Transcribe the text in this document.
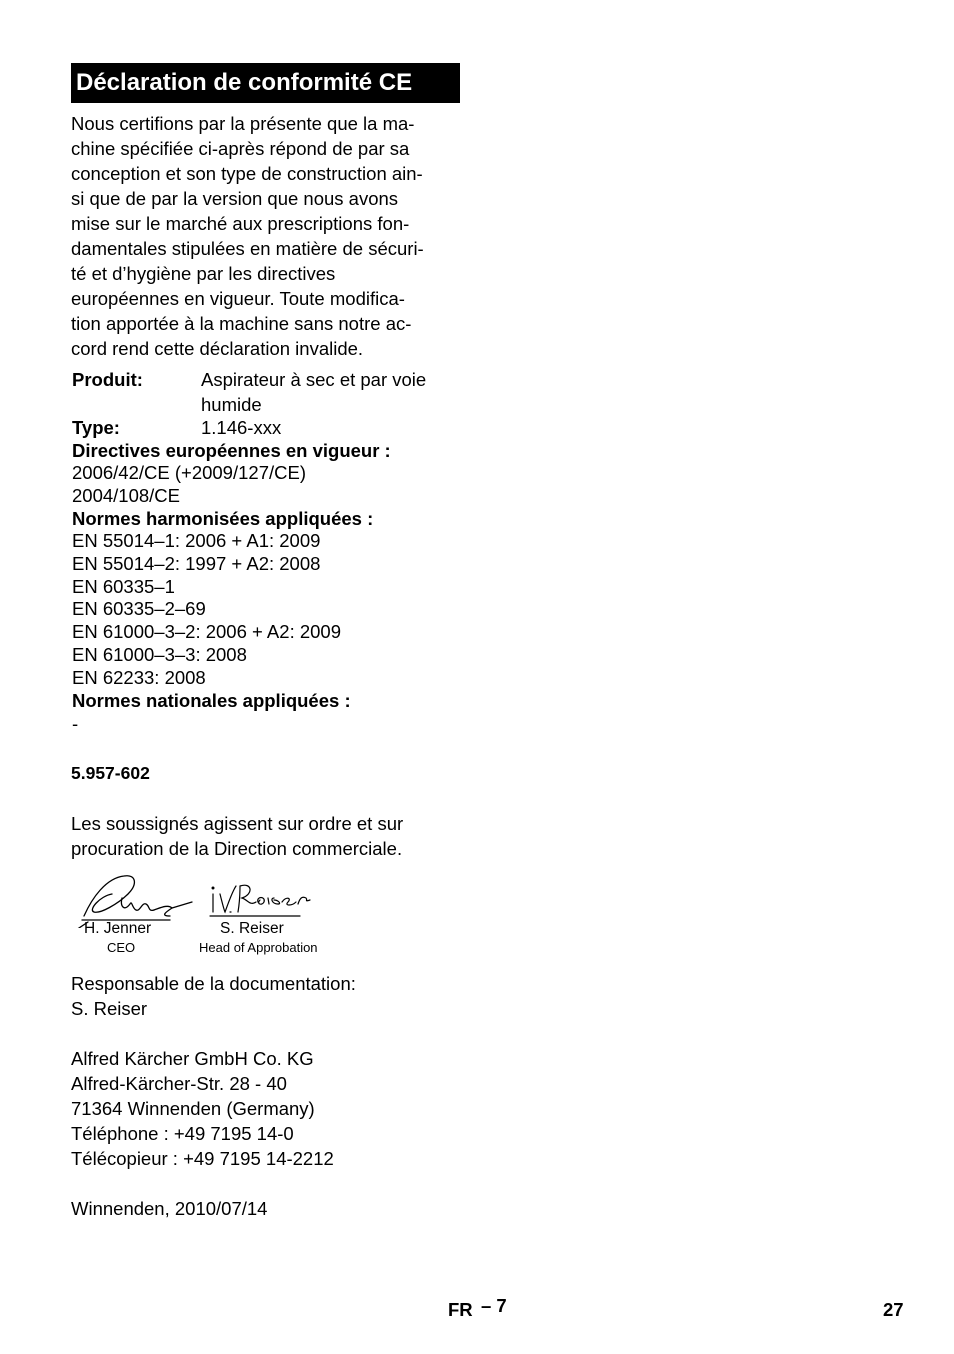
Déclaration de conformité CE
Nous certifions par la présente que la ma-
chine spécifiée ci-après répond de par sa
conception et son type de construction ain-
si que de par la version que nous avons
mise sur le marché aux prescriptions fon-
damentales stipulées en matière de sécuri-
té et d’hygiène par les directives
européennes en vigueur. Toute modifica-
tion apportée à la machine sans notre ac-
cord rend cette déclaration invalide.
Produit:	Aspirateur à sec et par voie
humide
Type:	1.146-xxx
Directives européennes en vigueur :
2006/42/CE (+2009/127/CE)
2004/108/CE
Normes harmonisées appliquées :
EN 55014–1: 2006 + A1: 2009
EN 55014–2: 1997 + A2: 2008
EN 60335–1
EN 60335–2–69
EN 61000–3–2: 2006 + A2: 2009
EN 61000–3–3: 2008
EN 62233: 2008
Normes nationales appliquées :
-
5.957-602
Les soussignés agissent sur ordre et sur
procuration de la Direction commerciale.
H. Jenner	S. Reiser
CEO	Head of Approbation
Responsable de la documentation:
S. Reiser
Alfred Kärcher GmbH Co. KG
Alfred-Kärcher-Str. 28 - 40
71364 Winnenden (Germany)
Téléphone : +49 7195 14-0
Télécopieur : +49 7195 14-2212
Winnenden, 2010/07/14
FR – 7	27
